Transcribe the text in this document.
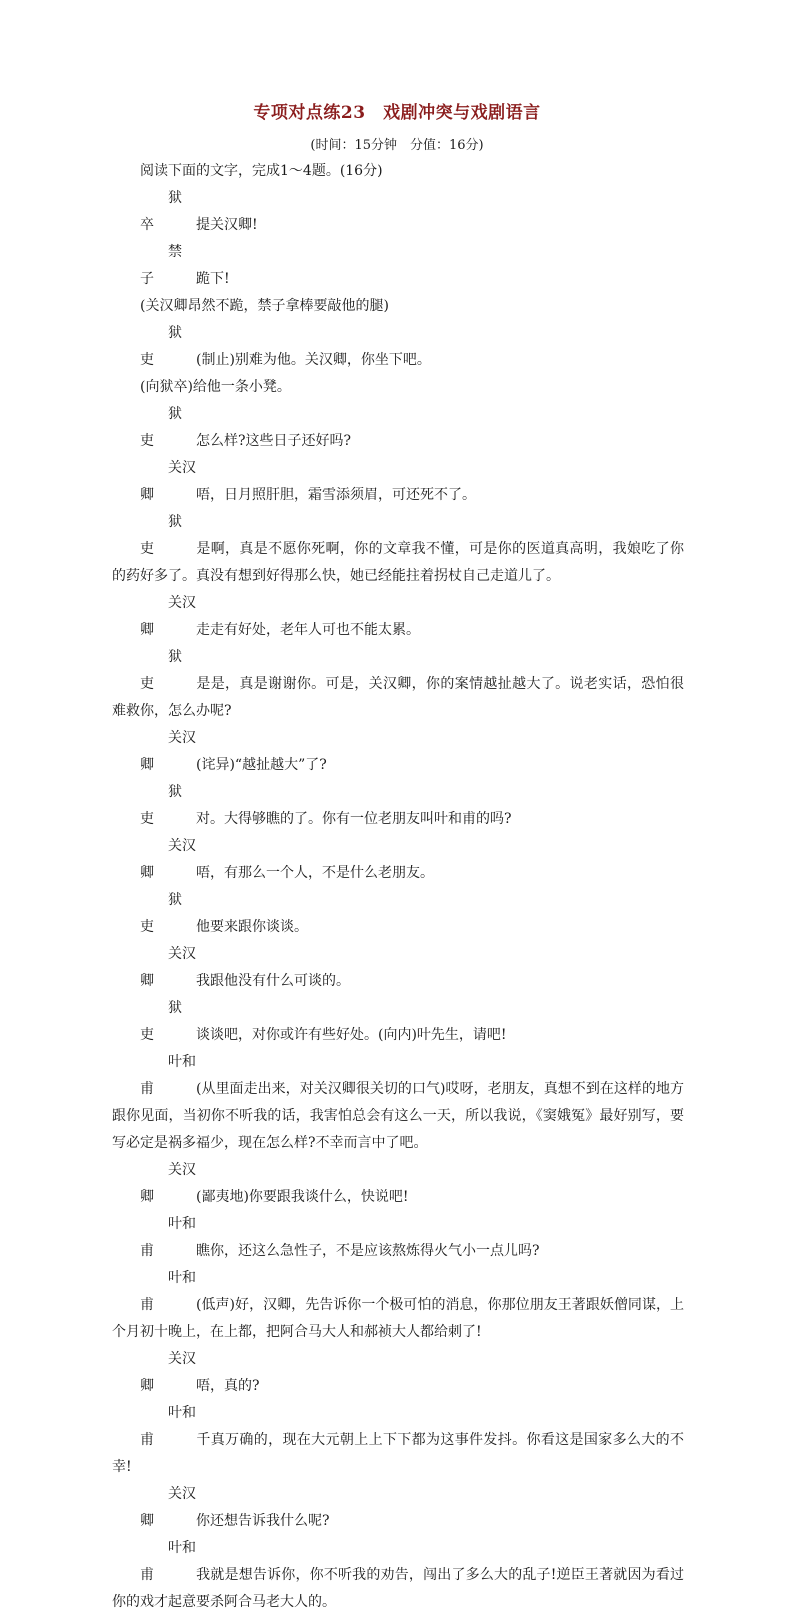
专项对点练23　戏剧冲突与戏剧语言
(时间：15分钟　分值：16分)

阅读下面的文字，完成1～4题。(16分)

狱卒 提关汉卿!

禁子 跪下!

(关汉卿昂然不跪，禁子拿棒要敲他的腿)

狱吏 (制止)别难为他。关汉卿，你坐下吧。

(向狱卒)给他一条小凳。

狱吏 怎么样?这些日子还好吗?

关汉卿	唔，日月照肝胆，霜雪添须眉，可还死不了。

狱吏 是啊，真是不愿你死啊，你的文章我不懂，可是你的医道真高明，我娘吃了你的药好多了。真没有想到好得那么快，她已经能拄着拐杖自己走道儿了。

关汉卿	走走有好处，老年人可也不能太累。

狱吏 是是，真是谢谢你。可是，关汉卿，你的案情越扯越大了。说老实话，恐怕很难救你，怎么办呢?

关汉卿	(诧异)“越扯越大”了?

狱吏 对。大得够瞧的了。你有一位老朋友叫叶和甫的吗?

关汉卿	唔，有那么一个人，不是什么老朋友。

狱吏 他要来跟你谈谈。

关汉卿	我跟他没有什么可谈的。

狱吏 谈谈吧，对你或许有些好处。(向内)叶先生，请吧!

叶和甫	(从里面走出来，对关汉卿很关切的口气)哎呀，老朋友，真想不到在这样的地方跟你见面，当初你不听我的话，我害怕总会有这么一天，所以我说，《窦娥冤》最好别写，要写必定是祸多福少，现在怎么样?不幸而言中了吧。

关汉卿	(鄙夷地)你要跟我谈什么，快说吧!

叶和甫	瞧你，还这么急性子，不是应该熬炼得火气小一点儿吗?

叶和甫	(低声)好，汉卿，先告诉你一个极可怕的消息，你那位朋友王著跟妖僧同谋，上个月初十晚上，在上都，把阿合马大人和郝祯大人都给刺了!

关汉卿	唔，真的?

叶和甫	千真万确的，现在大元朝上上下下都为这事件发抖。你看这是国家多么大的不幸!

关汉卿	你还想告诉我什么呢?

叶和甫	我就是想告诉你，你不听我的劝告，闯出了多么大的乱子!逆臣王著就因为看过你的戏才起意要杀阿合马老大人的。
